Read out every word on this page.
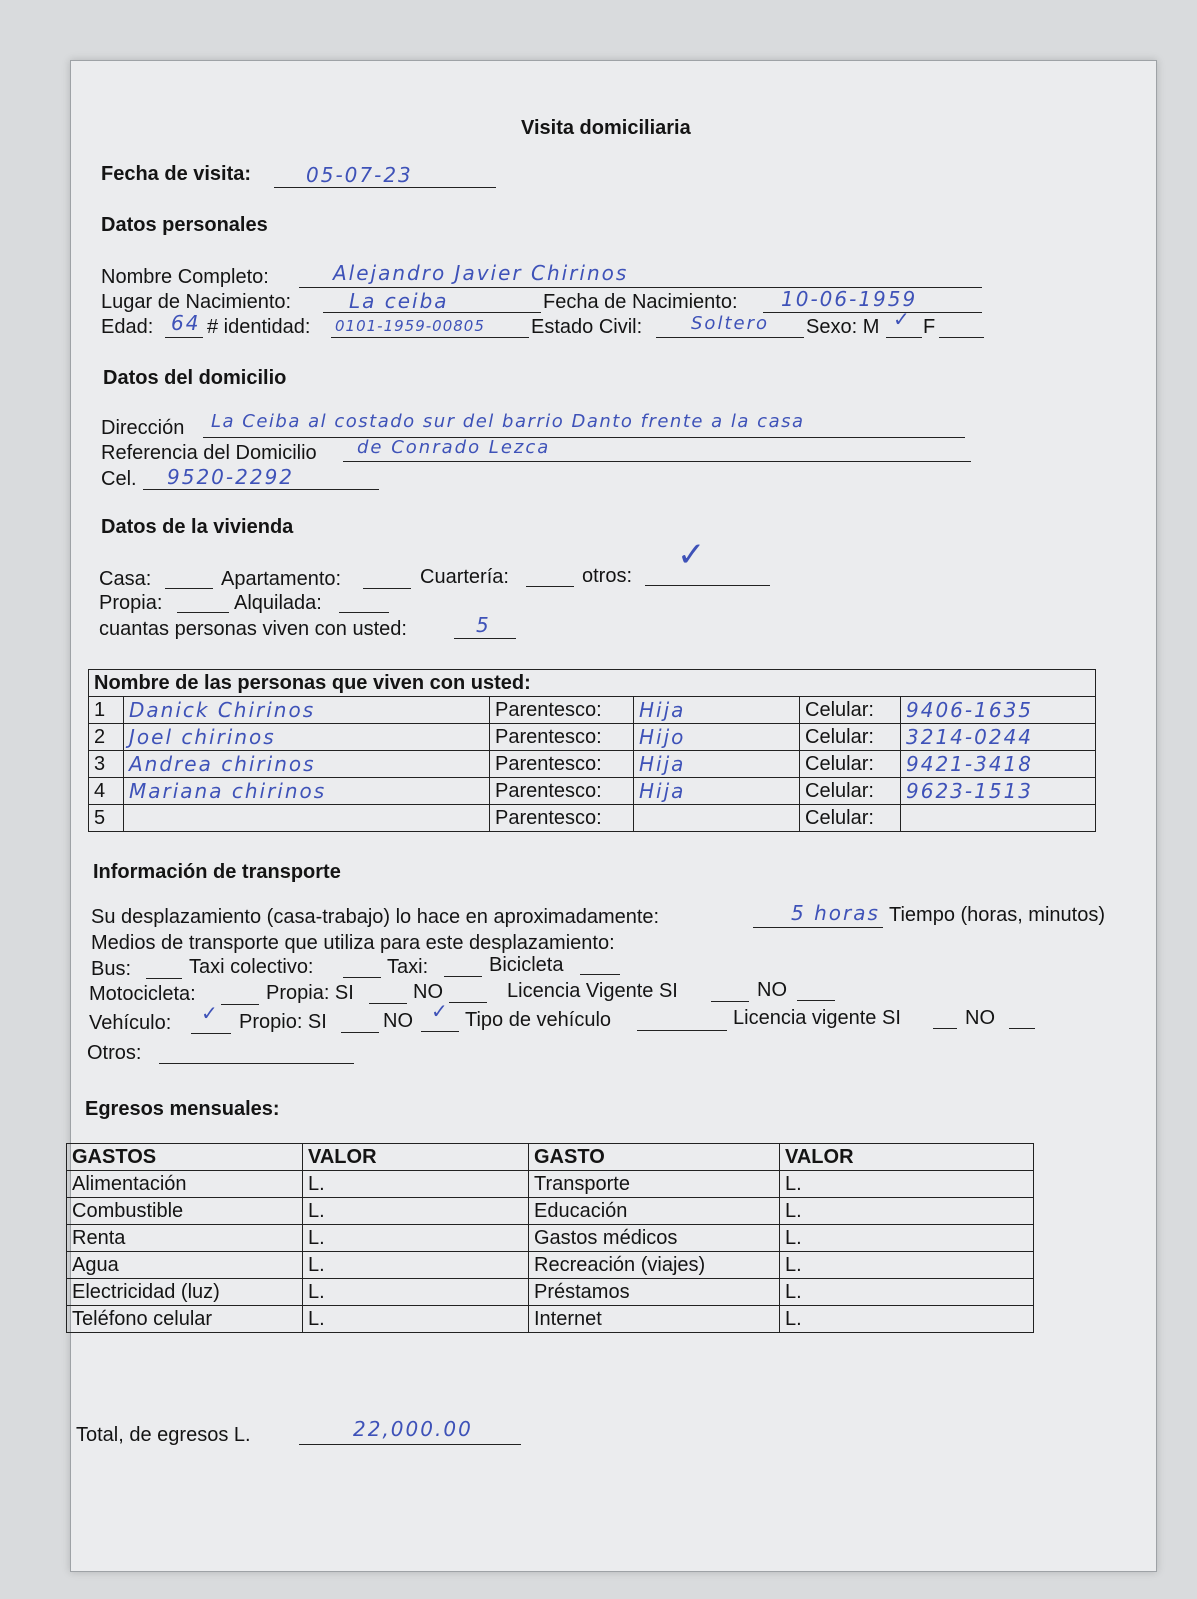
Visita domiciliaria
Fecha de visita:	05-07-23
Datos personales
Nombre Completo:	Alejandro Javier Chirinos
Lugar de Nacimiento:	La ceiba	Fecha de Nacimiento: 10-06-1959
Edad: 64 # identidad: 0101-1959-00805 Estado Civil:	Soltero Sexo: M ✓ F
Datos del domicilio
Dirección La Ceiba al costado sur del barrio Danto frente a la casa
Referencia del Domicilio de Conrado Lezca
Cel. 9520-2292
Datos de la vivienda
Casa:	Apartamento:	Cuartería:	otros:
✓
Propia:	Alquilada:
cuantas personas viven con usted:	5
Nombre de las personas que viven con usted:					
1	Danick Chirinos	Parentesco:	Hija	Celular:	9406-1635
2	Joel chirinos	Parentesco:	Hijo	Celular:	3214-0244
3	Andrea chirinos	Parentesco:	Hija	Celular:	9421-3418
4	Mariana chirinos	Parentesco:	Hija	Celular:	9623-1513
5		Parentesco:		Celular:	
Información de transporte
Su desplazamiento (casa-trabajo) lo hace en aproximadamente:	5 horas Tiempo (horas, minutos)
Medios de transporte que utiliza para este desplazamiento:
Bus:	Taxi colectivo:	Taxi:	Bicicleta
Motocicleta:	Propia: SI	NO	Licencia Vigente SI	NO
Vehículo: ✓ Propio: SI	NO ✓ Tipo de vehículo	Licencia vigente SI	NO
Otros:
Egresos mensuales:
GASTOS	VALOR	GASTO	VALOR
Alimentación	L.	Transporte	L.
Combustible	L.	Educación	L.
Renta	L.	Gastos médicos	L.
Agua	L.	Recreación (viajes)	L.
Electricidad (luz)	L.	Préstamos	L.
Teléfono celular	L.	Internet	L.
Total, de egresos L.	22,000.00
